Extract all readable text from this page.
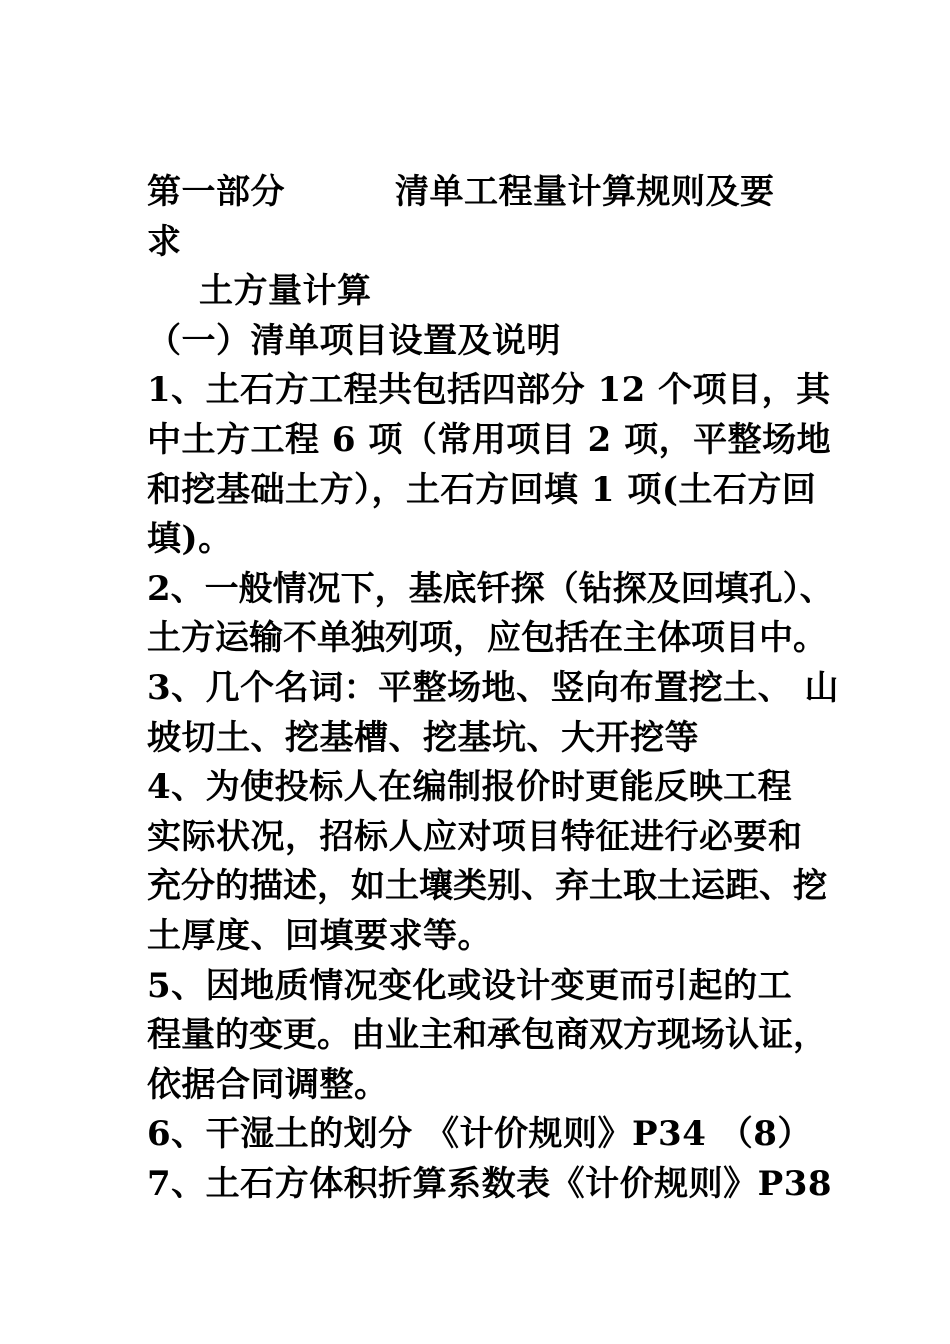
第一部分	清单工程量计算规则及要
求
土方量计算
（一）清单项目设置及说明
1、土石方工程共包括四部分 12 个项目，其
中土方工程 6 项（常用项目 2 项，平整场地
和挖基础土方），土石方回填 1 项(土石方回
填)。
2、一般情况下，基底钎探（钻探及回填孔）、
土方运输不单独列项，应包括在主体项目中。
3、几个名词：平整场地、竖向布置挖土、 山
坡切土、挖基槽、挖基坑、大开挖等
4、为使投标人在编制报价时更能反映工程
实际状况，招标人应对项目特征进行必要和
充分的描述，如土壤类别、弃土取土运距、挖
土厚度、回填要求等。
5、因地质情况变化或设计变更而引起的工
程量的变更。由业主和承包商双方现场认证，
依据合同调整。
6、干湿土的划分 《计价规则》P34 （8）
7、土石方体积折算系数表《计价规则》P38
